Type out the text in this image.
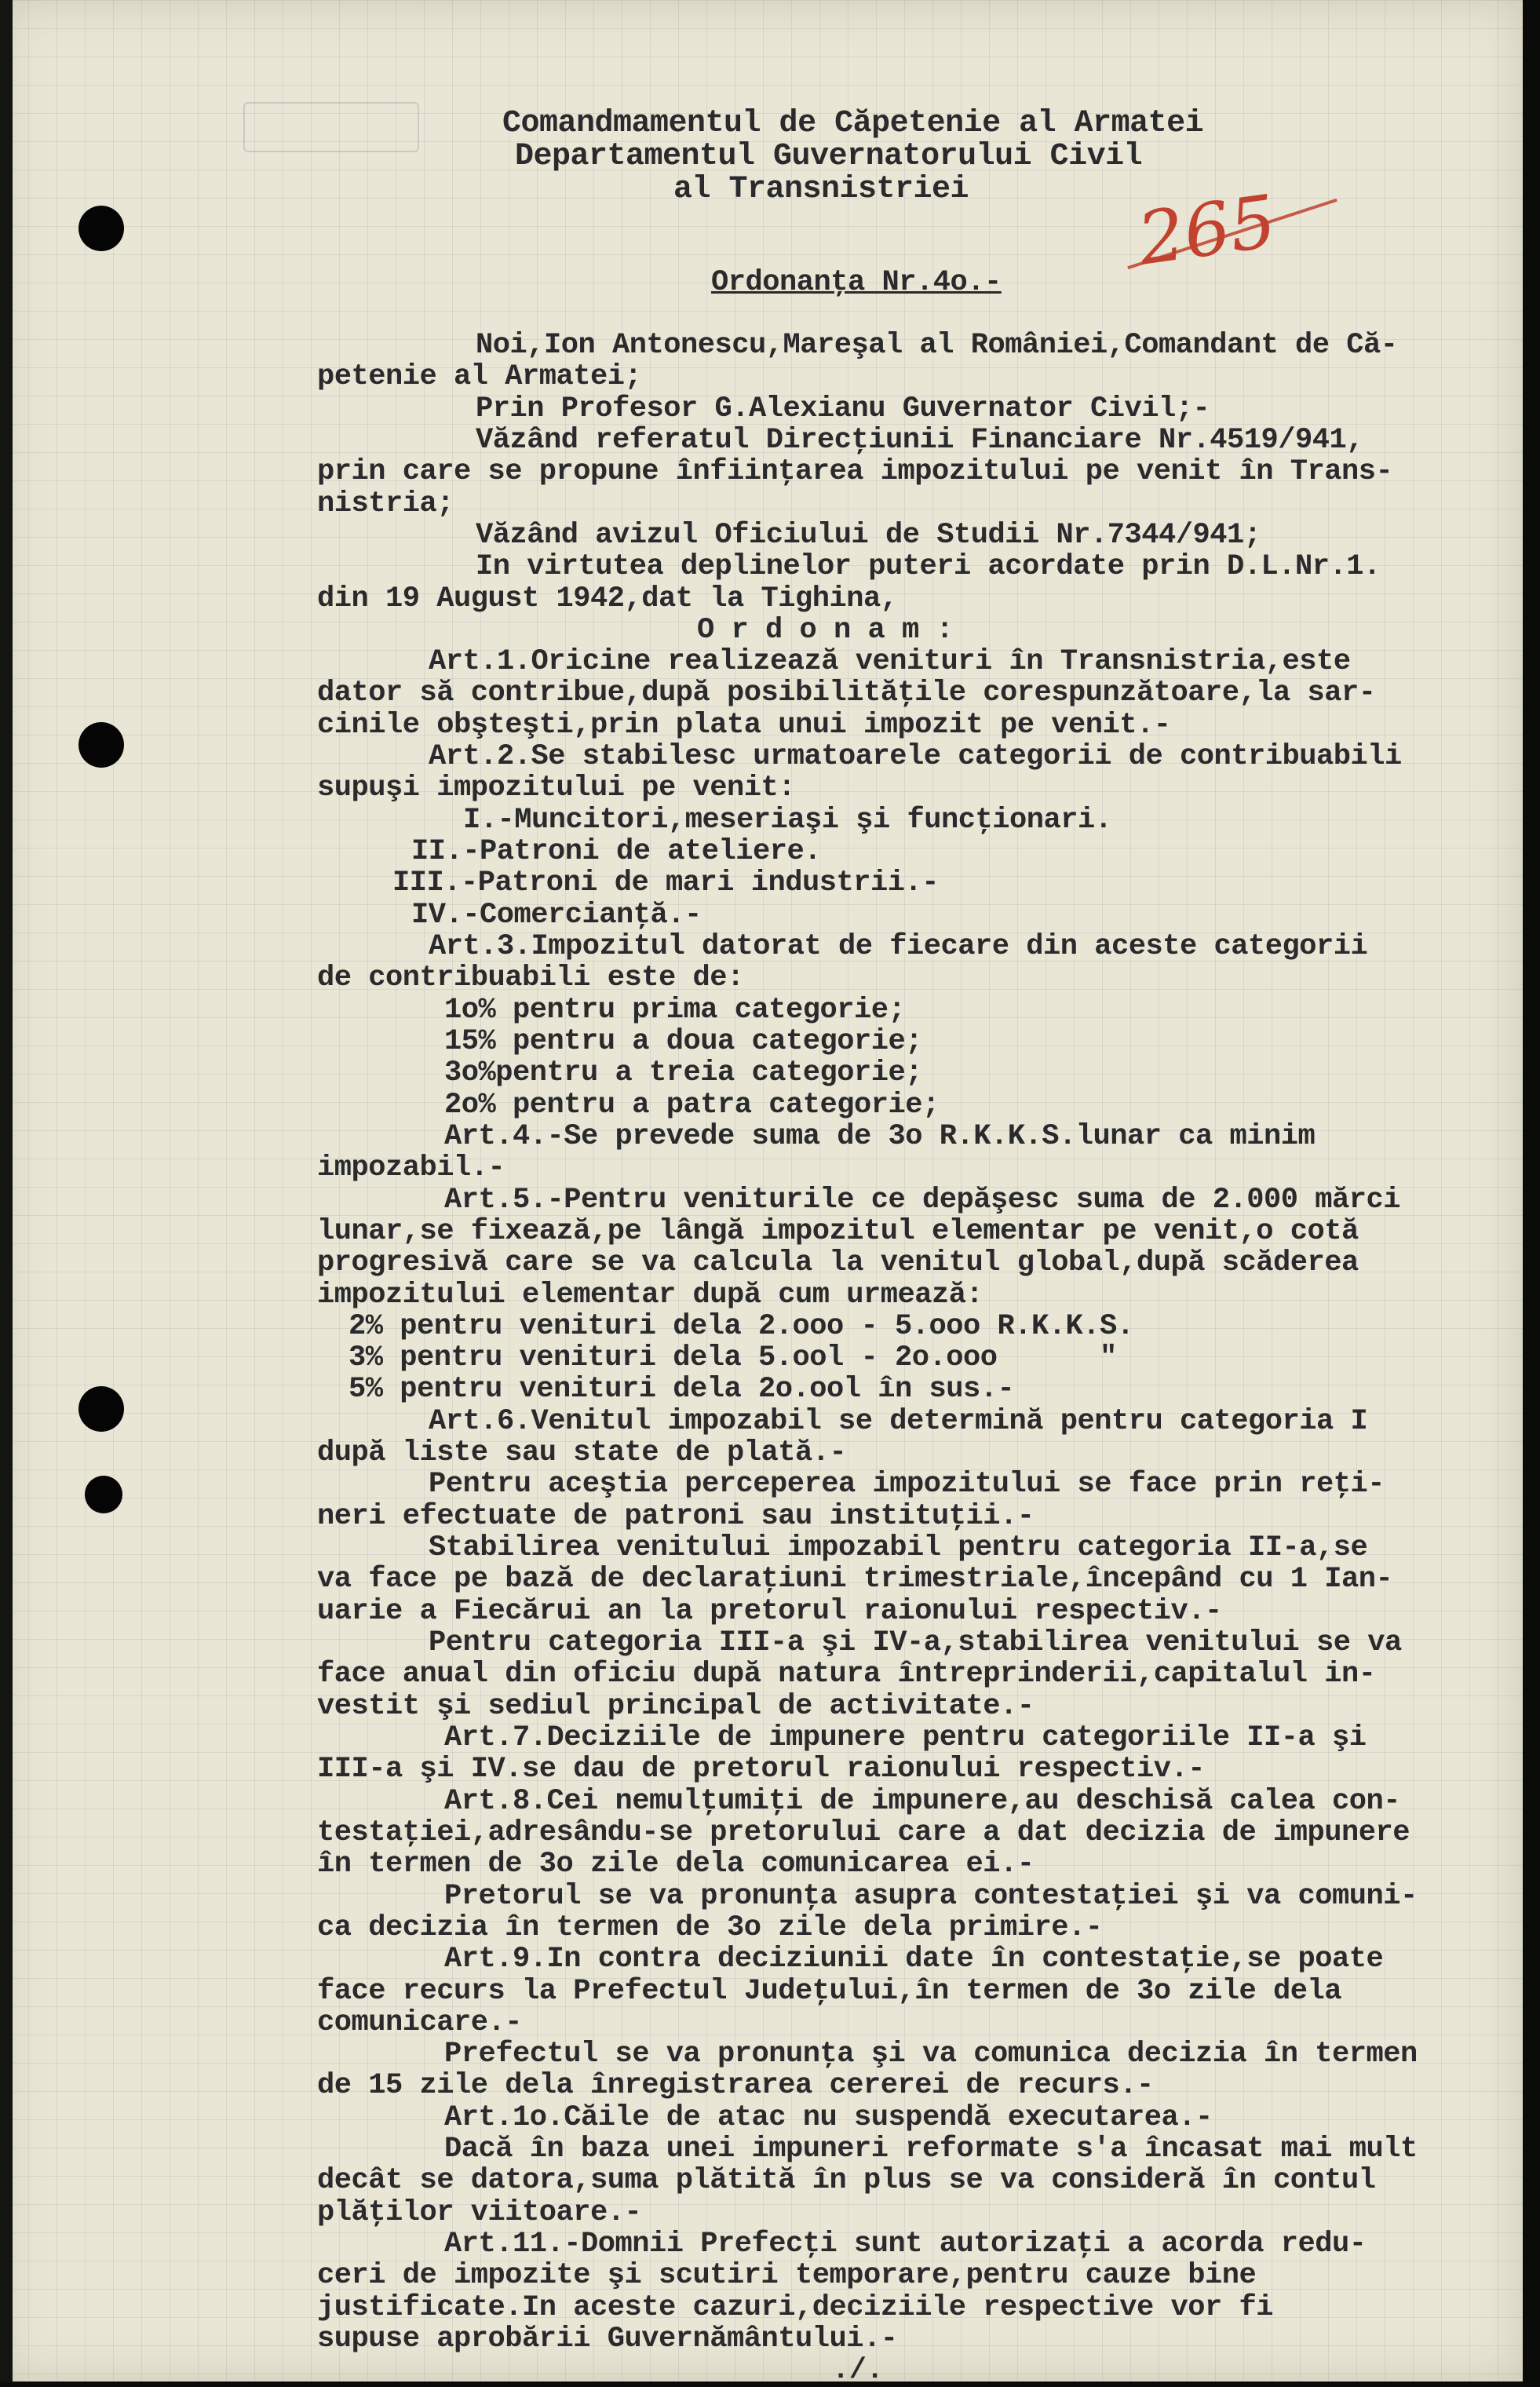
265

Comandmamentul de Căpetenie al Armatei

Departamentul Guvernatorului Civil

al Transnistriei

Ordonanţa Nr.4o.-

Noi,Ion Antonescu,Mareşal al României,Comandant de Că-

petenie al Armatei;

Prin Profesor G.Alexianu Guvernator Civil;-

Văzând referatul Direcţiunii Financiare Nr.4519/941,

prin care se propune înfiinţarea impozitului pe venit în Trans-

nistria;

Văzând avizul Oficiului de Studii Nr.7344/941;

In virtutea deplinelor puteri acordate prin D.L.Nr.1.

din 19 August 1942,dat la Tighina,

O r d o n a m :

Art.1.Oricine realizează venituri în Transnistria,este

dator să contribue,după posibilităţile corespunzătoare,la sar-

cinile obşteşti,prin plata unui impozit pe venit.-

Art.2.Se stabilesc urmatoarele categorii de contribuabili

supuşi impozitului pe venit:

I.-Muncitori,meseriaşi şi funcţionari.

II.-Patroni de ateliere.

III.-Patroni de mari industrii.-

IV.-Comercianţă.-

Art.3.Impozitul datorat de fiecare din aceste categorii

de contribuabili este de:

1o% pentru prima categorie;

15% pentru a doua categorie;

3o%pentru a treia categorie;

2o% pentru a patra categorie;

Art.4.-Se prevede suma de 3o R.K.K.S.lunar ca minim

impozabil.-

Art.5.-Pentru veniturile ce depăşesc suma de 2.000 mărci

lunar,se fixează,pe lângă impozitul elementar pe venit,o cotă

progresivă care se va calcula la venitul global,după scăderea

impozitului elementar după cum urmează:

2% pentru venituri dela 2.ooo - 5.ooo R.K.K.S.

3% pentru venituri dela 5.ool - 2o.ooo      "

5% pentru venituri dela 2o.ool în sus.-

Art.6.Venitul impozabil se determină pentru categoria I

după liste sau state de plată.-

Pentru aceştia perceperea impozitului se face prin reţi-

neri efectuate de patroni sau instituţii.-

Stabilirea venitului impozabil pentru categoria II-a,se

va face pe bază de declaraţiuni trimestriale,începând cu 1 Ian-

uarie a Fiecărui an la pretorul raionului respectiv.-

Pentru categoria III-a şi IV-a,stabilirea venitului se va

face anual din oficiu după natura întreprinderii,capitalul in-

vestit şi sediul principal de activitate.-

Art.7.Deciziile de impunere pentru categoriile II-a şi

III-a şi IV.se dau de pretorul raionului respectiv.-

Art.8.Cei nemulţumiţi de impunere,au deschisă calea con-

testaţiei,adresându-se pretorului care a dat decizia de impunere

în termen de 3o zile dela comunicarea ei.-

Pretorul se va pronunţa asupra contestaţiei şi va comuni-

ca decizia în termen de 3o zile dela primire.-

Art.9.In contra deciziunii date în contestaţie,se poate

face recurs la Prefectul Judeţului,în termen de 3o zile dela

comunicare.-

Prefectul se va pronunţa şi va comunica decizia în termen

de 15 zile dela înregistrarea cererei de recurs.-

Art.1o.Căile de atac nu suspendă executarea.-

Dacă în baza unei impuneri reformate s'a încasat mai mult

decât se datora,suma plătită în plus se va consideră în contul

plăţilor viitoare.-

Art.11.-Domnii Prefecţi sunt autorizaţi a acorda redu-

ceri de impozite şi scutiri temporare,pentru cauze bine
justificate.In aceste cazuri,deciziile respective vor fi
supuse aprobării Guvernământului.-
./.
